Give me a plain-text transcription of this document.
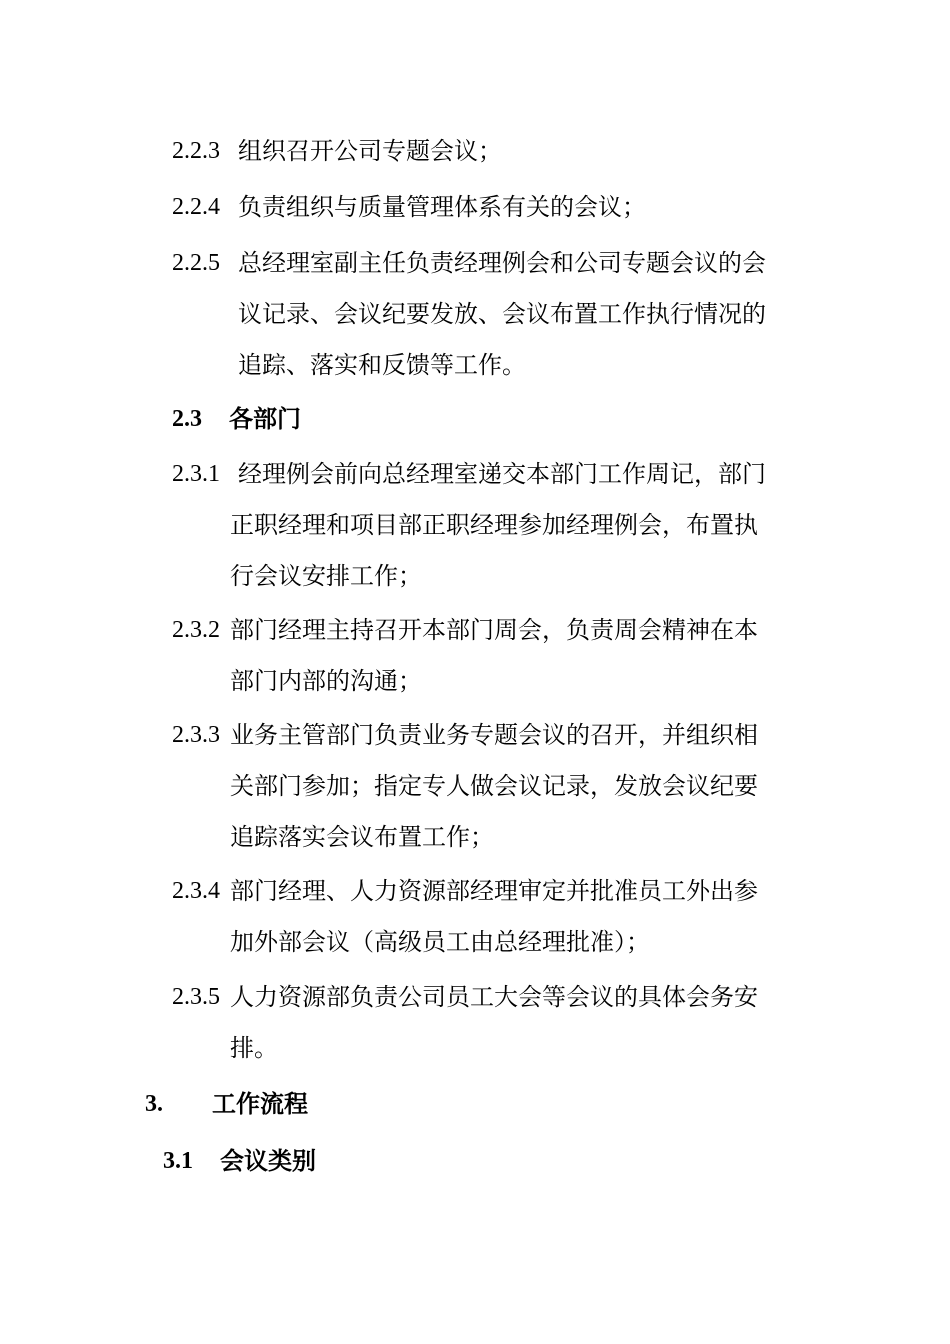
2.2.3 组织召开公司专题会议；
2.2.4 负责组织与质量管理体系有关的会议；
2.2.5 总经理室副主任负责经理例会和公司专题会议的会
议记录、会议纪要发放、会议布置工作执行情况的
追踪、落实和反馈等工作。
2.3 各部门
2.3.1 经理例会前向总经理室递交本部门工作周记，部门
正职经理和项目部正职经理参加经理例会，布置执
行会议安排工作；
2.3.2 部门经理主持召开本部门周会，负责周会精神在本
部门内部的沟通；
2.3.3 业务主管部门负责业务专题会议的召开，并组织相
关部门参加；指定专人做会议记录，发放会议纪要
追踪落实会议布置工作；
2.3.4 部门经理、人力资源部经理审定并批准员工外出参
加外部会议（高级员工由总经理批准）；
2.3.5 人力资源部负责公司员工大会等会议的具体会务安
排。
3. 工作流程
3.1 会议类别
